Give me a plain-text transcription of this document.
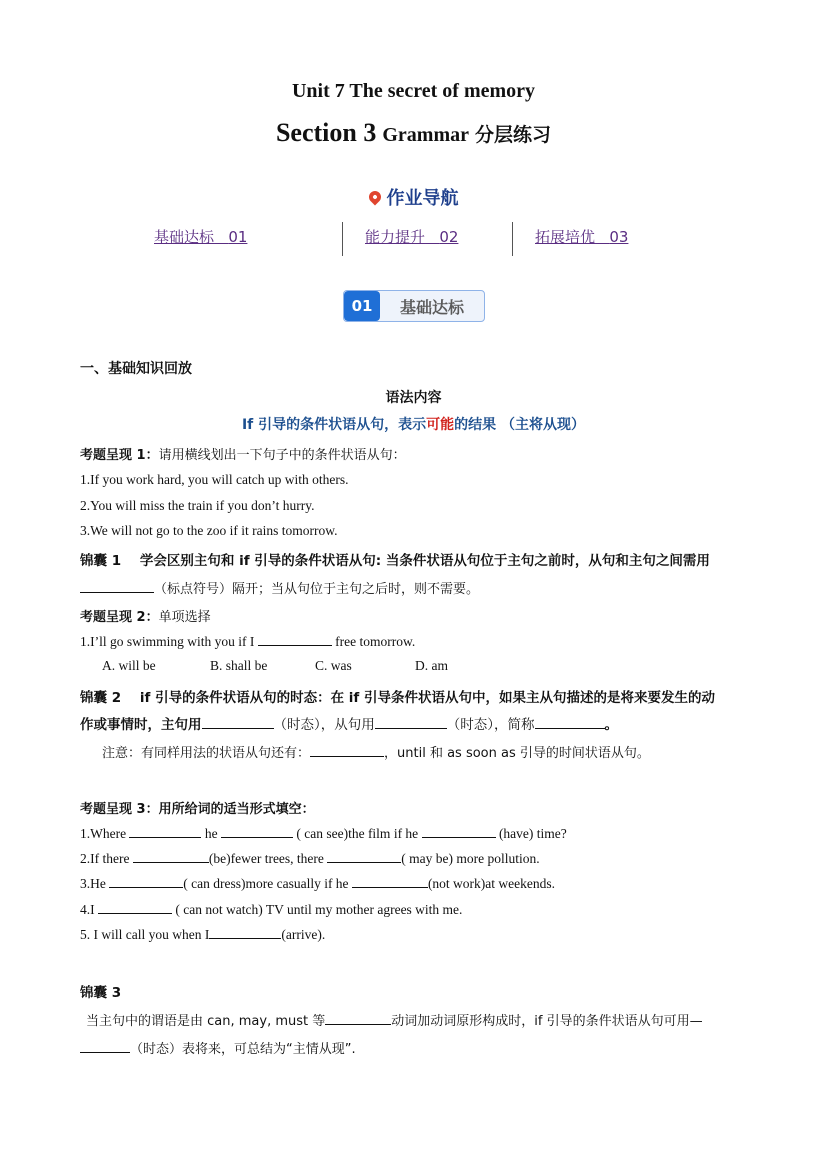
Unit 7 The secret of memory
Section 3 Grammar 分层练习
作业导航
基础达标 01	能力提升 02	拓展培优 03
01	基础达标
一、基础知识回放
语法内容
If 引导的条件状语从句，表示可能的结果 （主将从现）
考题呈现 1：请用横线划出一下句子中的条件状语从句：
1.If you work hard, you will catch up with others.
2.You will miss the train if you don’t hurry.
3.We will not go to the zoo if it rains tomorrow.
锦囊 1 学会区别主句和 if 引导的条件状语从句: 当条件状语从句位于主句之前时，从句和主句之间需用
（标点符号）隔开；当从句位于主句之后时，则不需要。
考题呈现 2：单项选择
1.I’ll go swimming with you if I	free tomorrow.
A. will be	B. shall be	C. was	D. am
锦囊 2 if 引导的条件状语从句的时态：在 if 引导条件状语从句中，如果主从句描述的是将来要发生的动
作或事情时，主句用	（时态），从句用	（时态），简称	。
注意：有同样用法的状语从句还有：	，until 和 as soon as 引导的时间状语从句。
考题呈现 3：用所给词的适当形式填空：
1.Where	he	( can see)the film if he	(have) time?
2.If there	(be)fewer trees, there	( may be) more pollution.
3.He	( can dress)more casually if he	(not work)at weekends.
4.I	( can not watch) TV until my mother agrees with me.
5. I will call you when I	(arrive).
锦囊 3
当主句中的谓语是由 can, may, must 等	动词加动词原形构成时，if 引导的条件状语从句可用—
（时态）表将来，可总结为“主情从现”.
